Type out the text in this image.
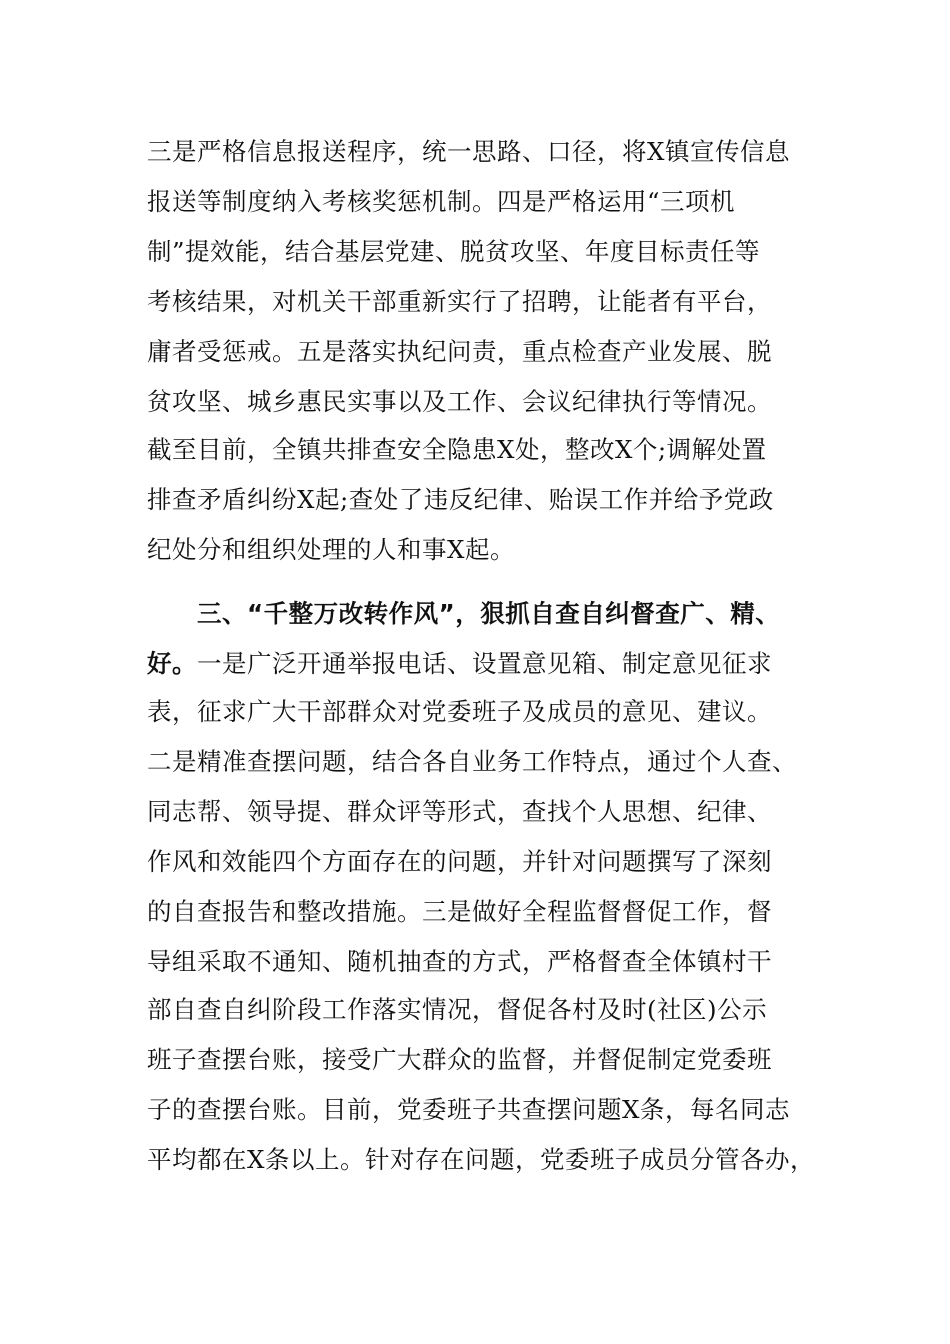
三是严格信息报送程序，统一思路、口径，将X镇宣传信息
报送等制度纳入考核奖惩机制。四是严格运用“三项机
制”提效能，结合基层党建、脱贫攻坚、年度目标责任等
考核结果，对机关干部重新实行了招聘，让能者有平台，
庸者受惩戒。五是落实执纪问责，重点检查产业发展、脱
贫攻坚、城乡惠民实事以及工作、会议纪律执行等情况。
截至目前，全镇共排查安全隐患X处，整改X个;调解处置
排查矛盾纠纷X起;查处了违反纪律、贻误工作并给予党政
纪处分和组织处理的人和事X起。
三、“千整万改转作风”，狠抓自查自纠督查广、精、
好。一是广泛开通举报电话、设置意见箱、制定意见征求
表，征求广大干部群众对党委班子及成员的意见、建议。
二是精准查摆问题，结合各自业务工作特点，通过个人查、
同志帮、领导提、群众评等形式，查找个人思想、纪律、
作风和效能四个方面存在的问题，并针对问题撰写了深刻
的自查报告和整改措施。三是做好全程监督督促工作，督
导组采取不通知、随机抽查的方式，严格督查全体镇村干
部自查自纠阶段工作落实情况，督促各村及时(社区)公示
班子查摆台账，接受广大群众的监督，并督促制定党委班
子的查摆台账。目前，党委班子共查摆问题X条，每名同志
平均都在X条以上。针对存在问题，党委班子成员分管各办，
